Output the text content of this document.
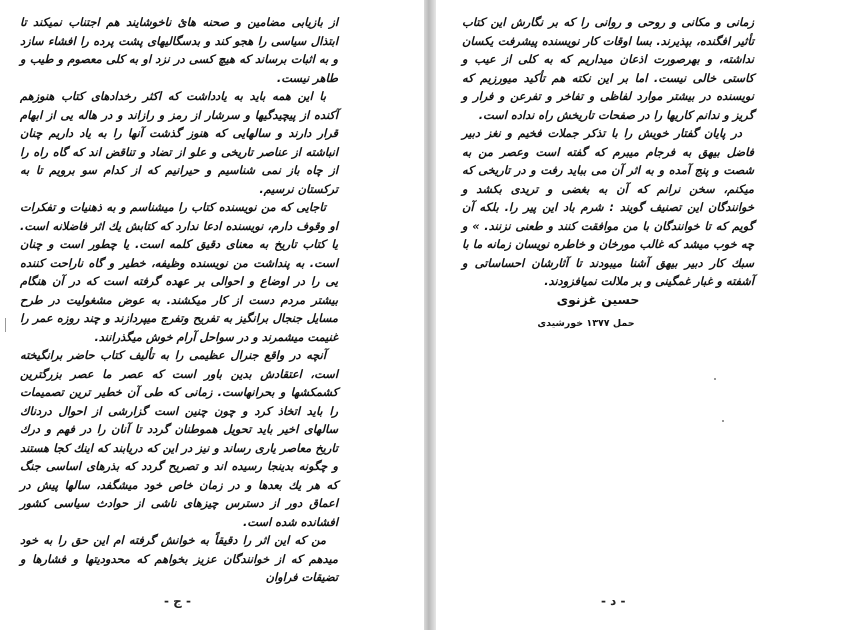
از بازیابی مضامین و صحنه هایٔ ناخوشایند هم اجتناب نمیکند تا ابتذال سیاسی را هجو کند و بدسگالیهای پشت پرده را افشاء سازد و به اثبات برساند که هیچ کسی در نزد او به کلی معصوم و طیب و طاهر نیست.

با این همه باید به یادداشت که اکثر رخدادهای کتاب هنوزهم آکنده از پیچیدگیها و سرشار از رمز و رازاند و در هاله یی از ابهام قرار دارند و سالهایی که هنوز گذشت آنها را به یاد داریم چنان انباشته از عناصر تاریخی و علو از تضاد و تناقض اند که گاه راه را از چاه باز نمی شناسیم و حیرانیم که از کدام سو برویم تا به ترکستان نرسیم.

تاجایی که من نویسنده کتاب را میشناسم و به ذهنیات و تفکرات او وقوف دارم، نویسنده ادعا ندارد که کتابش یك اثر فاضلانه است. یا کتاب تاریخ به معنای دقیق کلمه است. یا چطور است و چنان است. به پنداشت من نویسنده وظیفه، خطیر و گاه ناراحت کننده یی را در اوضاع و احوالی بر عهده گرفته است که در آن هنگام بیشتر مردم دست از کار میکشند. به عوض مشغولیت در طرح مسایل جنجال برانگیز به تفریح وتفرج میپردازند و چند روزه عمر را غنیمت میشمرند و در سواحل آرام خوش میگذرانند.

آنچه در واقع جنرال عظیمی را به تألیف کتاب حاضر برانگیخته است، اعتقادش بدین باور است که عصر ما عصر بزرگترین کشمکشها و بحرانهاست. زمانی که طی آن خطیر ترین تصمیمات را باید اتخاذ کرد و چون چنین است گزارشی از احوال دردناك سالهای اخیر باید تحویل هموطنان گردد تا آنان را در فهم و درك تاریخ معاصر یاری رساند و نیز در این که دریابند که اینك کجا هستند و چگونه بدینجا رسیده اند و تصریح گردد که بذرهای اساسی جنگ که هر یك بعدها و در زمان خاص خود میشگفد، سالها پیش در اعماق دور از دسترس چیزهای ناشی از حوادث سیاسی کشور افشانده شده است.

من که این اثر را دقیقاً به خوانش گرفته ام این حق را به خود میدهم که از خوانندگان عزیز بخواهم که محدودیتها و فشارها و تضیقات فراوان

- ج -

زمانی و مکانی و روحی و روانی را که بر نگارش این کتاب تأثیر افگنده، بپذیرند. بسا اوقات کار نویسنده پیشرفت یکسان نداشته، و بهرصورت اذعان میداریم که به کلی از عیب و کاستی خالی نیست. اما بر این نکته هم تأکید میورزیم که نویسنده در بیشتر موارد لفاظی و تفاخر و تفرعن و فرار و گریز و ندانم کاریها را در صفحات تاریخش راه نداده است.

در پایان گفتار خویش را با تذکر جملات فخیم و نغز دبیر فاضل بیهق به فرجام میبرم که گفته است وعصر من به شصت و پنج آمده و به اثر آن می بباید رفت و در تاریخی که میکنم، سخن نرانم که آن به بغضی و تریدی بکشد و خوانندگان این تصنیف گویند : شرم باد این پیر را. بلکه آن گویم که تا خوانندگان با من موافقت کنند و طعنی نزنند. » و چه خوب میشد که غالب مورخان و خاطره نویسان زمانه ما با سبك کار دبیر بیهق آشنا میبودند تا آثارشان احساساتی و آشفته و غبار غمگینی و بر ملالت نمیافزودند.

حسین غزنوی
حمل ۱۳۷۷ خورشیدی
- د -
